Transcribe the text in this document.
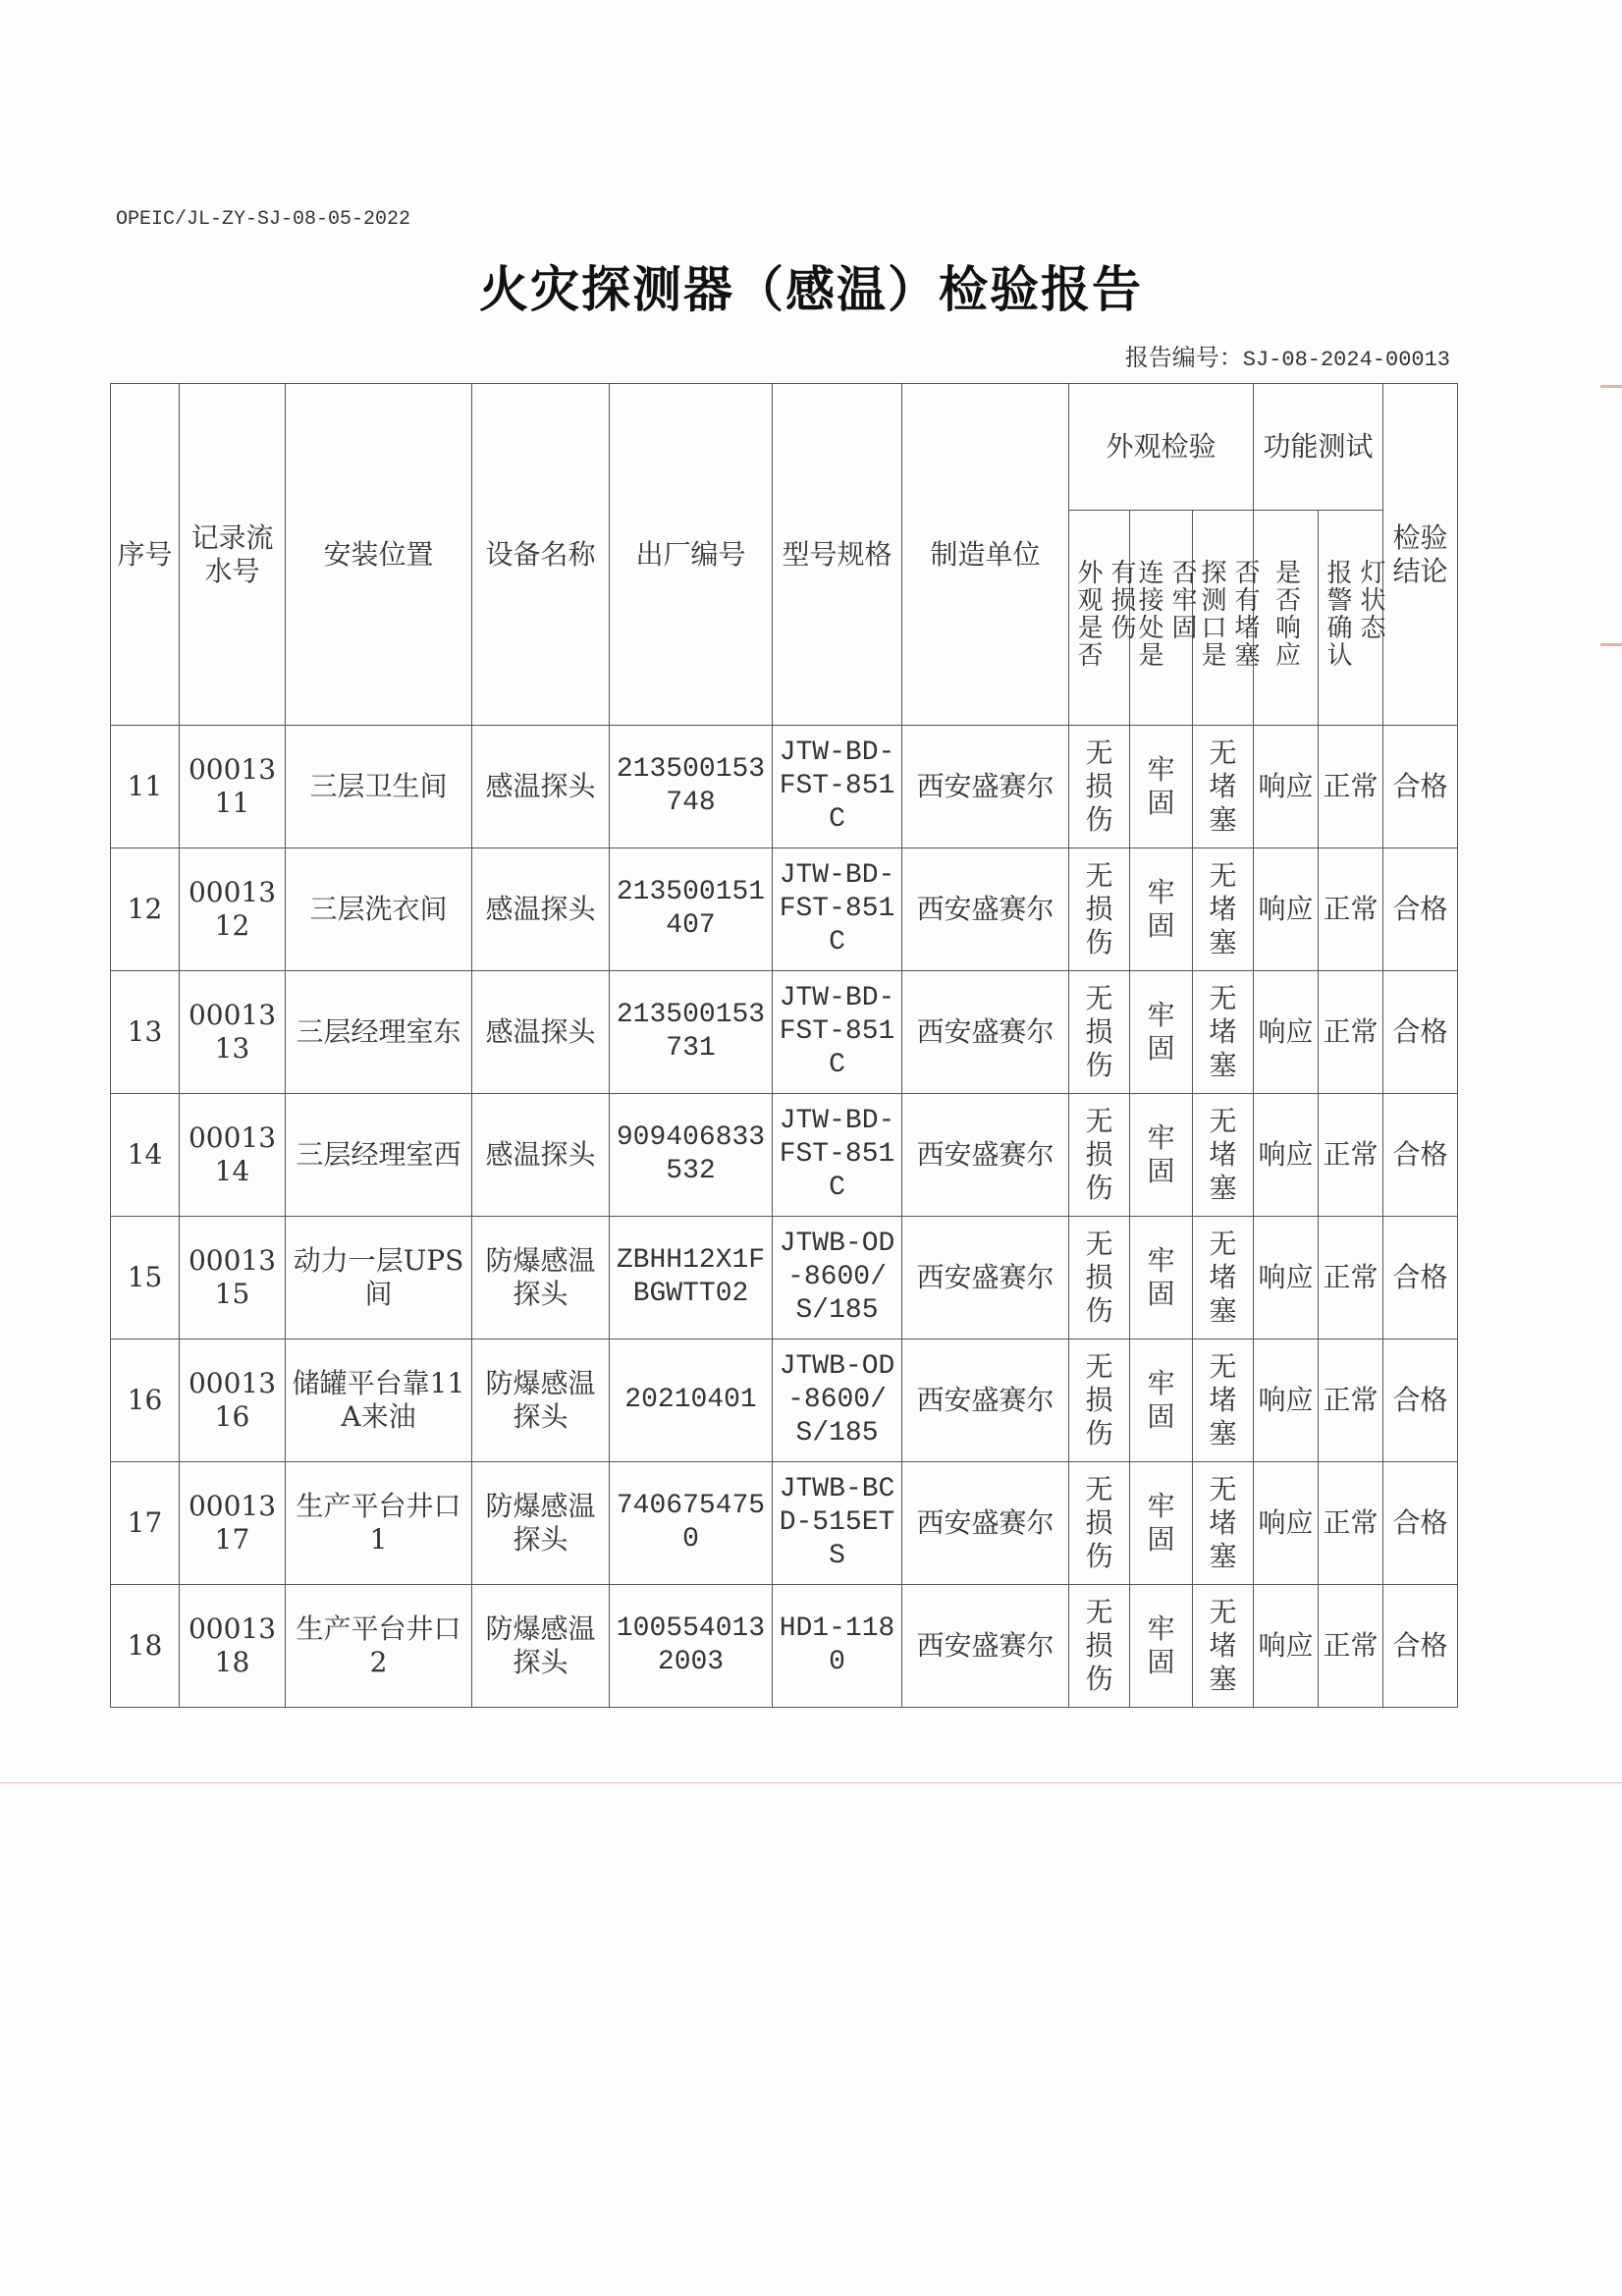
OPEIC/JL-ZY-SJ-08-05-2022
火灾探测器（感温）检验报告
报告编号：SJ-08-2024-00013
序号	记录流水号	安装位置	设备名称	出厂编号	型号规格	制造单位	外观检验			功能测试		检验结论

							外观是否 有损伤	连接处是 否牢固	探测口是 否有堵塞	是否响应	报警确认 灯状态	

11	0001311	三层卫生间	感温探头	213500153748	JTW-BD-FST-851C	西安盛赛尔	无损伤	牢固	无堵塞	响应	正常	合格
12	0001312	三层洗衣间	感温探头	213500151407	JTW-BD-FST-851C	西安盛赛尔	无损伤	牢固	无堵塞	响应	正常	合格
13	0001313	三层经理室东	感温探头	213500153731	JTW-BD-FST-851C	西安盛赛尔	无损伤	牢固	无堵塞	响应	正常	合格
14	0001314	三层经理室西	感温探头	909406833532	JTW-BD-FST-851C	西安盛赛尔	无损伤	牢固	无堵塞	响应	正常	合格
15	0001315	动力一层UPS间	防爆感温探头	ZBHH12X1FBGWTT02	JTWB-OD-8600/S/185	西安盛赛尔	无损伤	牢固	无堵塞	响应	正常	合格
16	0001316	储罐平台靠11A来油	防爆感温探头	20210401	JTWB-OD-8600/S/185	西安盛赛尔	无损伤	牢固	无堵塞	响应	正常	合格
17	0001317	生产平台井口1	防爆感温探头	7406754750	JTWB-BCD-515ETS	西安盛赛尔	无损伤	牢固	无堵塞	响应	正常	合格
18	0001318	生产平台井口2	防爆感温探头	1005540132003	HD1-1180	西安盛赛尔	无损伤	牢固	无堵塞	响应	正常	合格
